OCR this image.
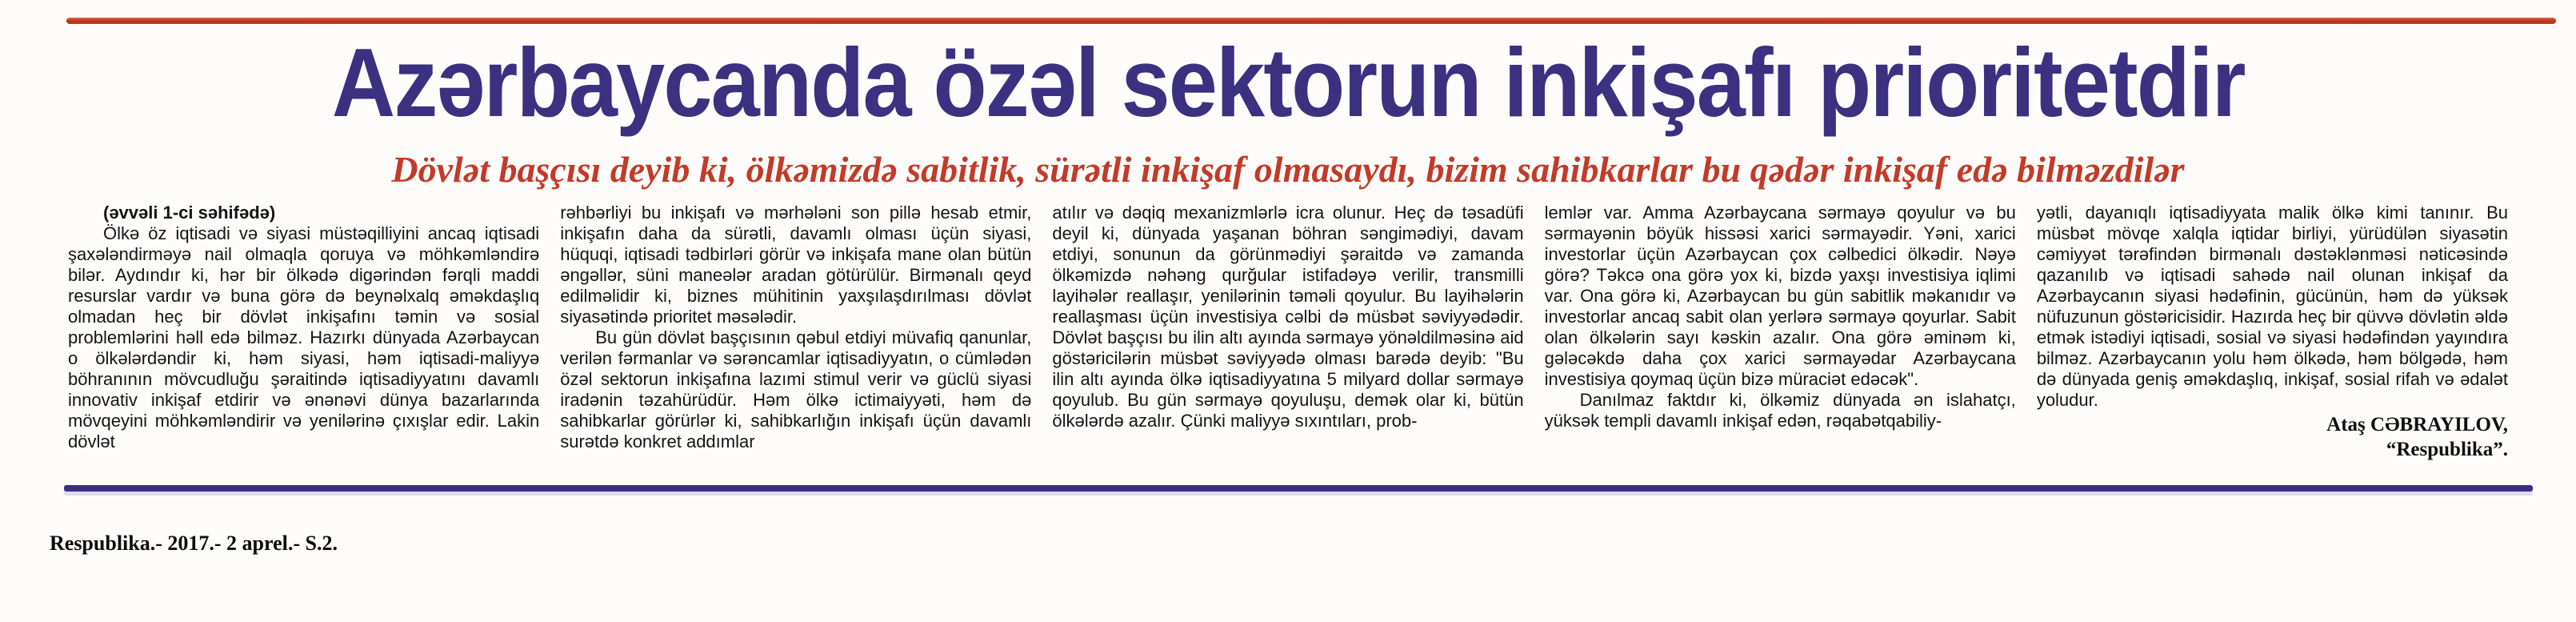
Azərbaycanda özəl sektorun inkişafı prioritetdir
Dövlət başçısı deyib ki, ölkəmizdə sabitlik, sürətli inkişaf olmasaydı, bizim sahibkarlar bu qədər inkişaf edə bilməzdilər

(əvvəli 1-ci səhifədə)

Ölkə öz iqtisadi və siyasi müstəqilliyini ancaq iqtisadi şaxələndirməyə nail olmaqla qoruya və möhkəmləndirə bilər. Aydındır ki, hər bir ölkədə digərindən fərqli maddi resurslar vardır və buna görə də beynəlxalq əməkdaşlıq olmadan heç bir dövlət inkişafını təmin və sosial problemlərini həll edə bilməz. Hazırkı dünyada Azərbaycan o ölkələrdəndir ki, həm siyasi, həm iqtisadi-maliyyə böhranının mövcudluğu şəraitində iqtisadiyyatını davamlı innovativ inkişaf etdirir və ənənəvi dünya bazarlarında mövqeyini möhkəmləndirir və yenilərinə çıxışlar edir. Lakin dövlət

rəhbərliyi bu inkişafı və mərhələni son pillə hesab etmir, inkişafın daha da sürətli, davamlı olması üçün siyasi, hüquqi, iqtisadi tədbirləri görür və inkişafa mane olan bütün əngəllər, süni maneələr aradan götürülür. Birmənalı qeyd edilməlidir ki, biznes mühitinin yaxşılaşdırılması dövlət siyasətində prioritet məsələdir.

Bu gün dövlət başçısının qəbul etdiyi müvafiq qanunlar, verilən fərmanlar və sərəncamlar iqtisadiyyatın, o cümlədən özəl sektorun inkişafına lazımi stimul verir və güclü siyasi iradənin təzahürüdür. Həm ölkə ictimaiyyəti, həm də sahibkarlar görürlər ki, sahibkarlığın inkişafı üçün davamlı surətdə konkret addımlar

atılır və dəqiq mexanizmlərlə icra olunur. Heç də təsadüfi deyil ki, dünyada yaşanan böhran səngimədiyi, davam etdiyi, sonunun da görünmədiyi şəraitdə və zamanda ölkəmizdə nəhəng qurğular istifadəyə verilir, transmilli layihələr reallaşır, yenilərinin təməli qoyulur. Bu layihələrin reallaşması üçün investisiya cəlbi də müsbət səviyyədədir. Dövlət başçısı bu ilin altı ayında sərmayə yönəldilməsinə aid göstəricilərin müsbət səviyyədə olması barədə deyib: "Bu ilin altı ayında ölkə iqtisadiyyatına 5 milyard dollar sərmayə qoyulub. Bu gün sərmayə qoyuluşu, demək olar ki, bütün ölkələrdə azalır. Çünki maliyyə sıxıntıları, prob-

lemlər var. Amma Azərbaycana sərmayə qoyulur və bu sərmayənin böyük hissəsi xarici sərmayədir. Yəni, xarici investorlar üçün Azərbaycan çox cəlbedici ölkədir. Nəyə görə? Təkcə ona görə yox ki, bizdə yaxşı investisiya iqlimi var. Ona görə ki, Azərbaycan bu gün sabitlik məkanıdır və investorlar ancaq sabit olan yerlərə sərmayə qoyurlar. Sabit olan ölkələrin sayı kəskin azalır. Ona görə əminəm ki, gələcəkdə daha çox xarici sərmayədar Azərbaycana investisiya qoymaq üçün bizə müraciət edəcək".

Danılmaz faktdır ki, ölkəmiz dünyada ən islahatçı, yüksək templi davamlı inkişaf edən, rəqabətqabiliy-

yətli, dayanıqlı iqtisadiyyata malik ölkə kimi tanınır. Bu müsbət mövqe xalqla iqtidar birliyi, yürüdülən siyasətin cəmiyyət tərəfindən birmənalı dəstəklənməsi nəticəsində qazanılıb və iqtisadi sahədə nail olunan inkişaf da Azərbaycanın siyasi hədəfinin, gücünün, həm də yüksək nüfuzunun göstəricisidir. Hazırda heç bir qüvvə dövlətin əldə etmək istədiyi iqtisadi, sosial və siyasi hədəfindən yayındıra bilməz. Azərbaycanın yolu həm ölkədə, həm bölgədə, həm də dünyada geniş əməkdaşlıq, inkişaf, sosial rifah və ədalət yoludur.

Ataş CƏBRAYILOV,
“Respublika”.

Respublika.- 2017.- 2 aprel.- S.2.
